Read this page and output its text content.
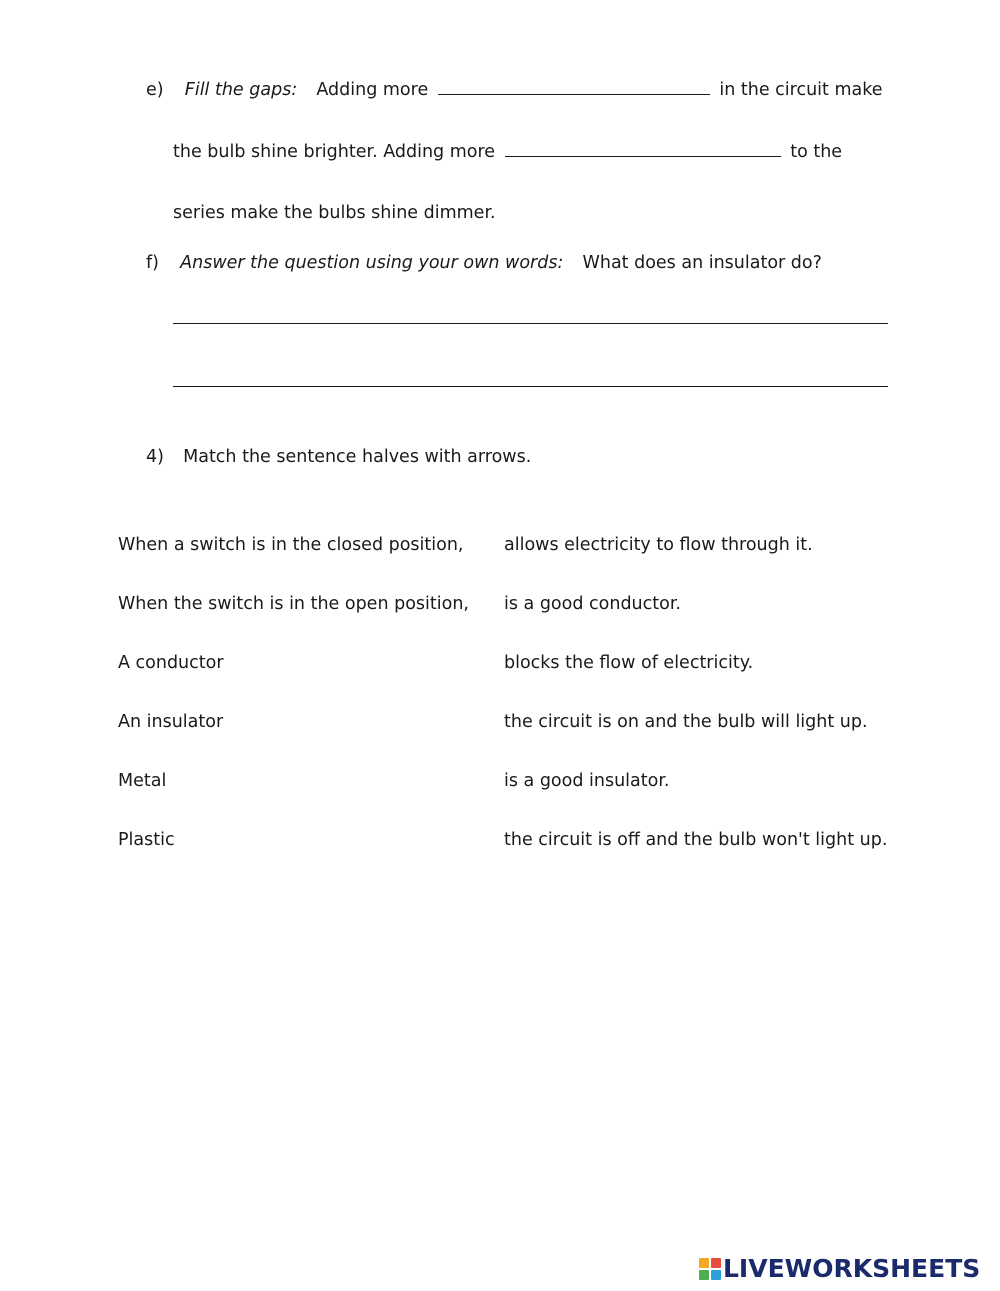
e) Fill the gaps: Adding more	in the circuit make
the bulb shine brighter. Adding more	to the
series make the bulbs shine dimmer.
f) Answer the question using your own words: What does an insulator do?
4) Match the sentence halves with arrows.
When a switch is in the closed position,
When the switch is in the open position,
A conductor
An insulator
Metal
Plastic
allows electricity to flow through it.
is a good conductor.
blocks the flow of electricity.
the circuit is on and the bulb will light up.
is a good insulator.
the circuit is off and the bulb won't light up.
LIVEWORKSHEETS
